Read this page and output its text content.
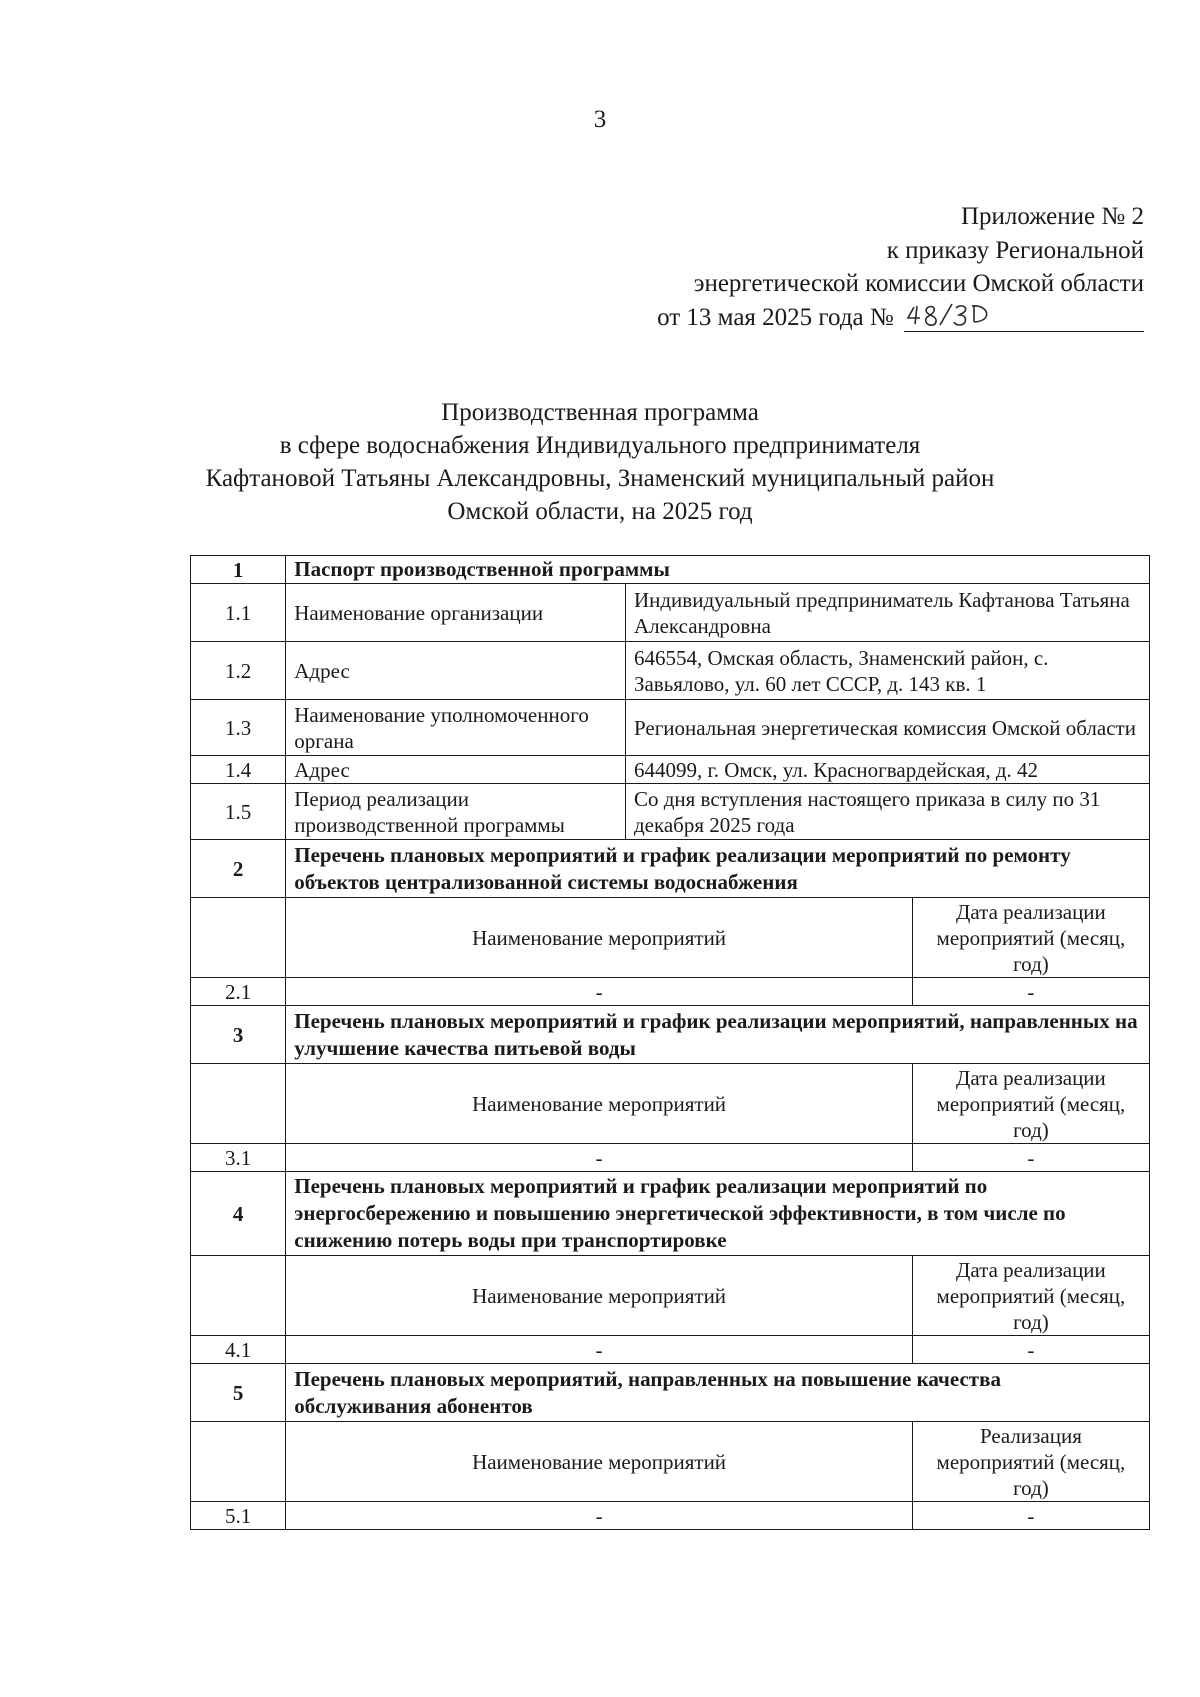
3
Приложение № 2
к приказу Региональной
энергетической комиссии Омской области
от 13 мая 2025 года №
Производственная программа
в сфере водоснабжения Индивидуального предпринимателя
Кафтановой Татьяны Александровны, Знаменский муниципальный район
Омской области, на 2025 год
1	Паспорт производственной программы		
1.1	Наименование организации	Индивидуальный предприниматель Кафтанова Татьяна Александровна	
1.2	Адрес	646554, Омская область, Знаменский район, с. Завьялово, ул. 60 лет СССР, д. 143 кв. 1	
1.3	Наименование уполномоченного органа	Региональная энергетическая комиссия Омской области	
1.4	Адрес	644099, г. Омск, ул. Красногвардейская, д. 42	
1.5	Период реализации производственной программы	Со дня вступления настоящего приказа в силу по 31 декабря 2025 года	
2	Перечень плановых мероприятий и график реализации мероприятий по ремонту объектов централизованной системы водоснабжения		
	Наименование мероприятий		Дата реализации мероприятий (месяц, год)
2.1	-		-
3	Перечень плановых мероприятий и график реализации мероприятий, направленных на улучшение качества питьевой воды		
	Наименование мероприятий		Дата реализации мероприятий (месяц, год)
3.1	-		-
4	Перечень плановых мероприятий и график реализации мероприятий по энергосбережению и повышению энергетической эффективности, в том числе по снижению потерь воды при транспортировке		
	Наименование мероприятий		Дата реализации мероприятий (месяц, год)
4.1	-		-
5	Перечень плановых мероприятий, направленных на повышение качества обслуживания абонентов		
	Наименование мероприятий		Реализация мероприятий (месяц, год)
5.1	-		-
